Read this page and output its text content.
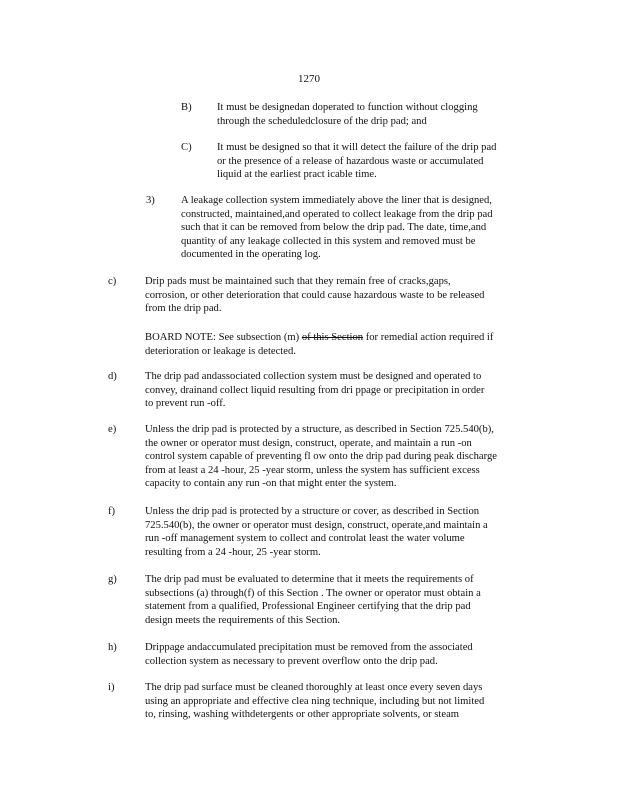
1270
B) It must be designedan doperated to function without clogging

through the scheduledclosure of the drip pad; and

C) It must be designed so that it will detect the failure of the drip pad

or the presence of a release of hazardous waste or accumulated

liquid at the earliest pract icable time.

3) A leakage collection system immediately above the liner that is designed,

constructed, maintained,and operated to collect leakage from the drip pad

such that it can be removed from below the drip pad. The date, time,and

quantity of any leakage collected in this system and removed must be

documented in the operating log.

c)	Drip pads must be maintained such that they remain free of cracks,gaps,

corrosion, or other deterioration that could cause hazardous waste to be released

from the drip pad.

BOARD NOTE: See subsection (m) of this Section for remedial action required if

deterioration or leakage is detected.

d)	The drip pad andassociated collection system must be designed and operated to

convey, drainand collect liquid resulting from dri ppage or precipitation in order

to prevent run -off.

e)	Unless the drip pad is protected by a structure, as described in Section 725.540(b),

the owner or operator must design, construct, operate, and maintain a run -on

control system capable of preventing fl ow onto the drip pad during peak discharge

from at least a 24 -hour, 25 -year storm, unless the system has sufficient excess

capacity to contain any run -on that might enter the system.

f)	Unless the drip pad is protected by a structure or cover, as described in Section

725.540(b), the owner or operator must design, construct, operate,and maintain a

run -off management system to collect and controlat least the water volume

resulting from a 24 -hour, 25 -year storm.

g)	The drip pad must be evaluated to determine that it meets the requirements of

subsections (a) through(f) of this Section . The owner or operator must obtain a

statement from a qualified, Professional Engineer certifying that the drip pad

design meets the requirements of this Section.

h)	Drippage andaccumulated precipitation must be removed from the associated

collection system as necessary to prevent overflow onto the drip pad.

i)	The drip pad surface must be cleaned thoroughly at least once every seven days

using an appropriate and effective clea ning technique, including but not limited

to, rinsing, washing withdetergents or other appropriate solvents, or steam
